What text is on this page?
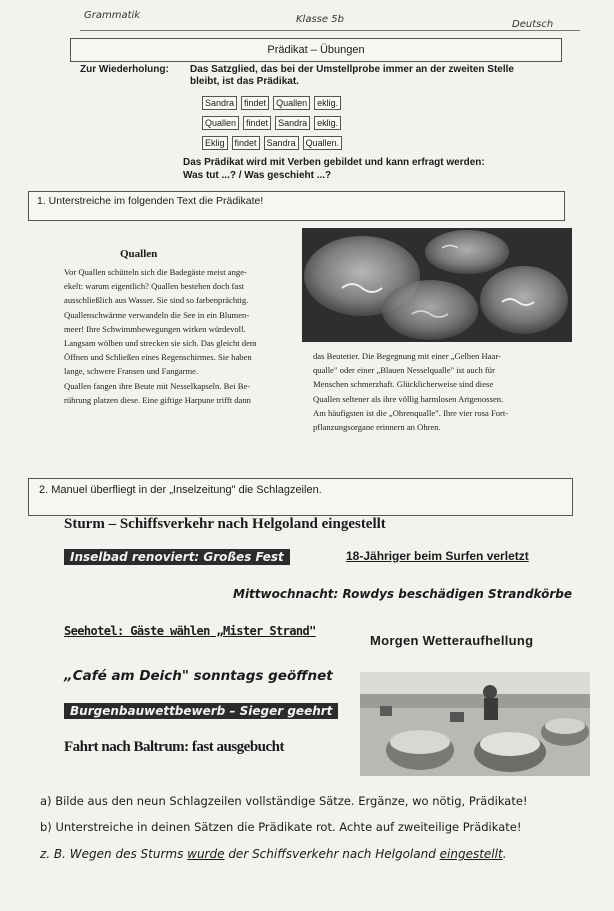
Grammatik	Klasse 5b	Deutsch
Prädikat – Übungen
Zur Wiederholung: Das Satzglied, das bei der Umstellprobe immer an der zweiten Stelle
bleibt, ist das Prädikat.
Sandra findet Quallen eklig.
Quallen findet Sandra eklig.
Eklig findet Sandra Quallen.
Das Prädikat wird mit Verben gebildet und kann erfragt werden:
Was tut ...? / Was geschieht ...?
1. Unterstreiche im folgenden Text die Prädikate!
Quallen
Vor Quallen schütteln sich die Badegäste meist ange-
ekelt: warum eigentlich? Quallen bestehen doch fast
ausschließlich aus Wasser. Sie sind so farbenprächtig.
Quallenschwärme verwandeln die See in ein Blumen-
meer! Ihre Schwimmbewegungen wirken würdevoll.
Langsam wölben und strecken sie sich. Das gleicht dem
Öffnen und Schließen eines Regenschirmes. Sie haben
lange, schwere Fransen und Fangarme.
Quallen fangen ihre Beute mit Nesselkapseln. Bei Be-
rührung platzen diese. Eine giftige Harpune trifft dann
das Beutetier. Die Begegnung mit einer „Gelben Haar-
qualle" oder einer „Blauen Nesselqualle" ist auch für
Menschen schmerzhaft. Glücklicherweise sind diese
Quallen seltener als ihre völlig harmlosen Artgenossen.
Am häufigsten ist die „Ohrenqualle". Ihre vier rosa Fort-
pflanzungsorgane erinnern an Ohren.
2. Manuel überfliegt in der „Inselzeitung" die Schlagzeilen.
Sturm – Schiffsverkehr nach Helgoland eingestellt
Inselbad renoviert: Großes Fest	18-Jähriger beim Surfen verletzt
Mittwochnacht: Rowdys beschädigen Strandkörbe
Seehotel: Gäste wählen „Mister Strand"
Morgen Wetteraufhellung
„Café am Deich" sonntags geöffnet
Burgenbauwettbewerb – Sieger geehrt
Fahrt nach Baltrum: fast ausgebucht
a) Bilde aus den neun Schlagzeilen vollständige Sätze. Ergänze, wo nötig, Prädikate!
b) Unterstreiche in deinen Sätzen die Prädikate rot. Achte auf zweiteilige Prädikate!
z. B. Wegen des Sturms wurde der Schiffsverkehr nach Helgoland eingestellt.
